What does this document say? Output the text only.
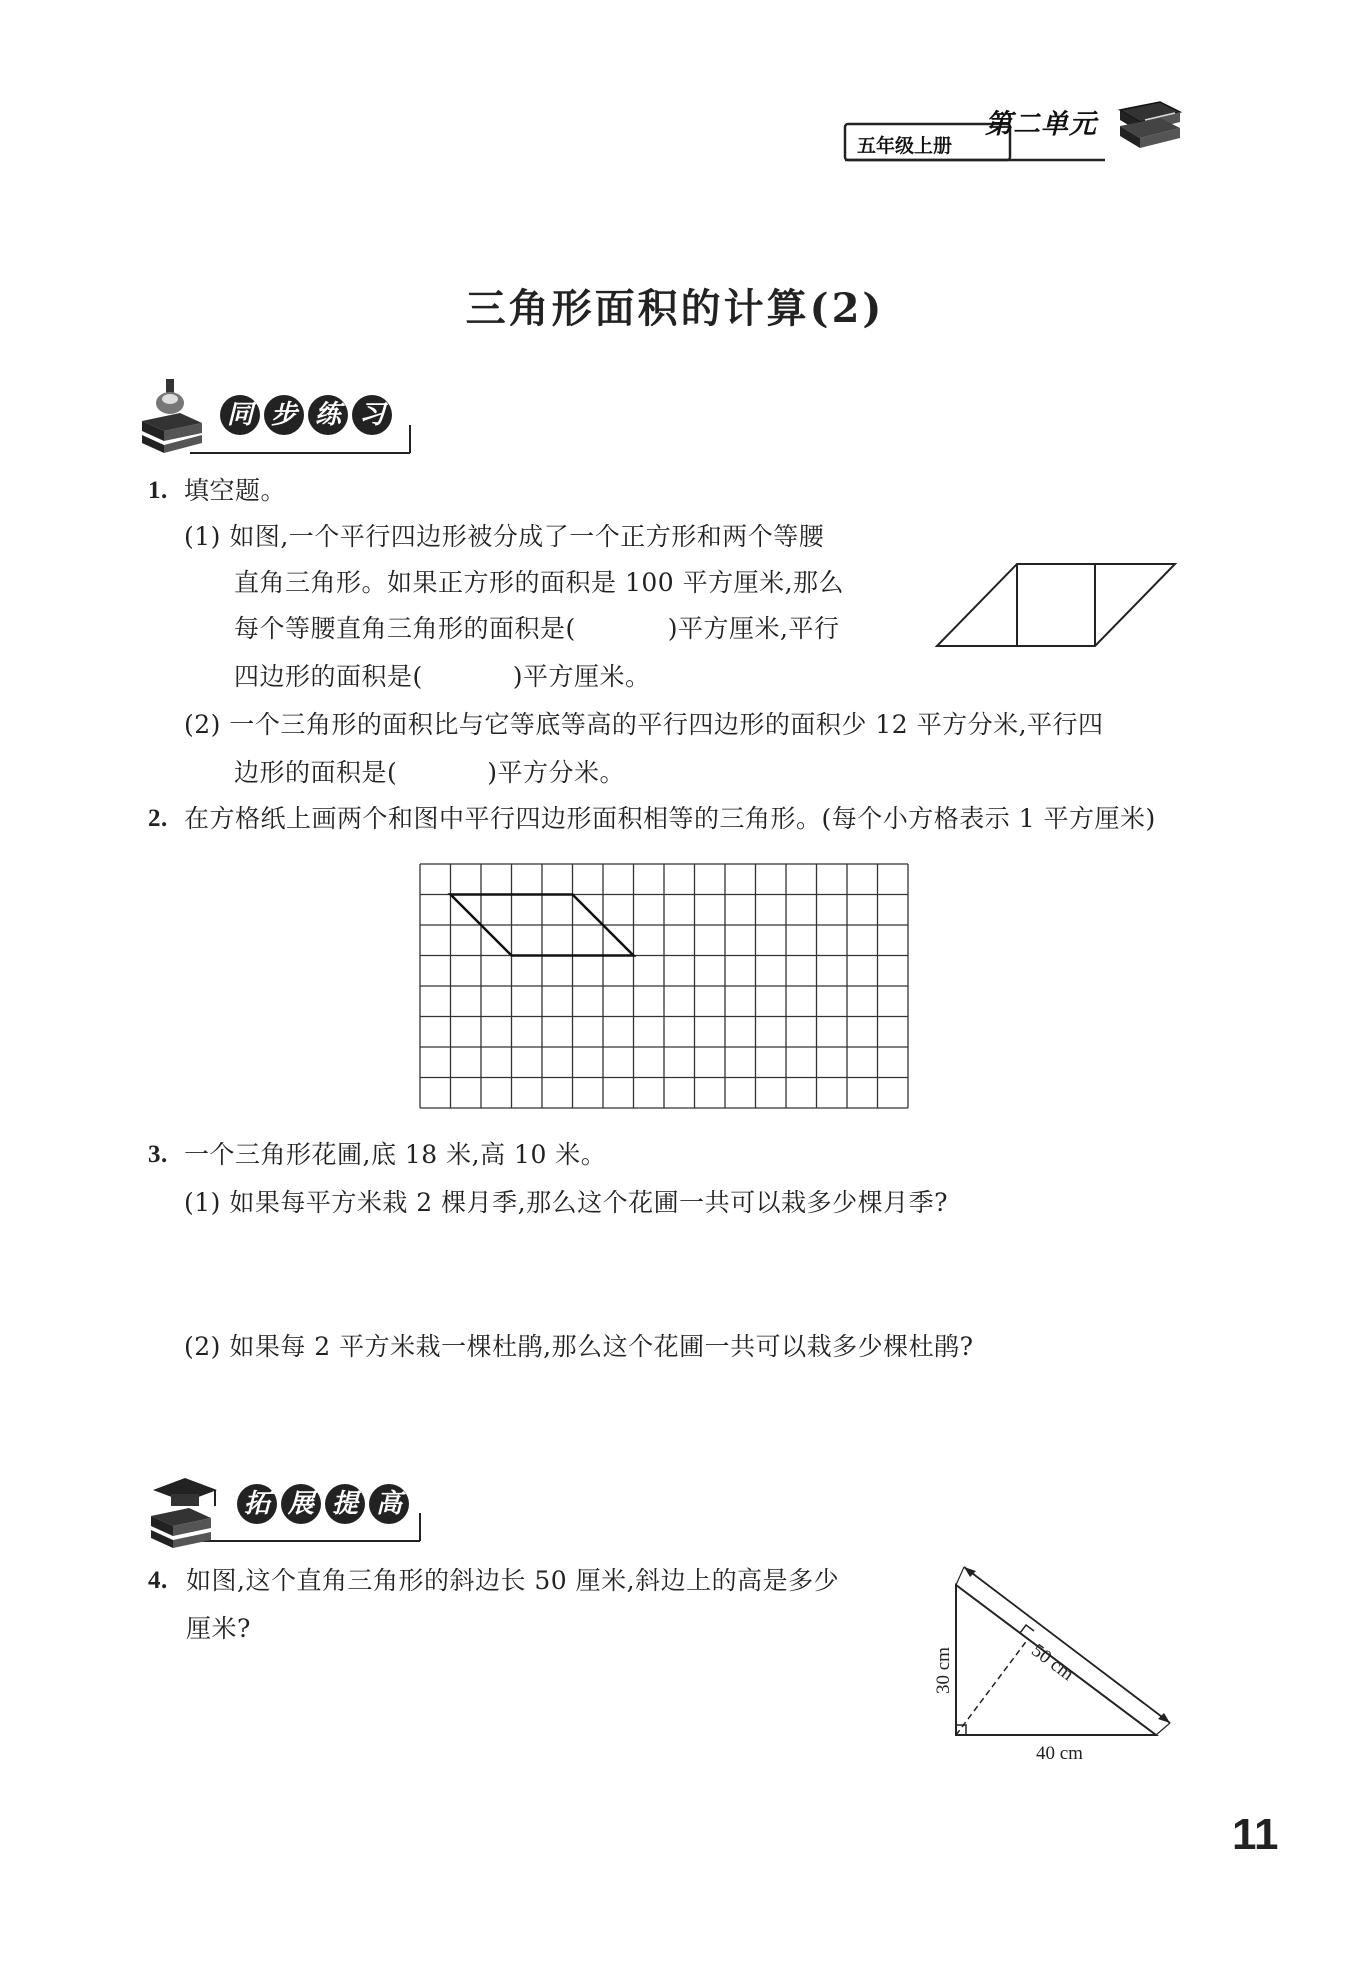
五年级上册
第二单元
三角形面积的计算(2)
同 步 练 习
1. 填空题。
(1) 如图,一个平行四边形被分成了一个正方形和两个等腰
直角三角形。如果正方形的面积是 100 平方厘米,那么
每个等腰直角三角形的面积是(	)平方厘米,平行
四边形的面积是(	)平方厘米。
(2) 一个三角形的面积比与它等底等高的平行四边形的面积少 12 平方分米,平行四
边形的面积是(	)平方分米。
2. 在方格纸上画两个和图中平行四边形面积相等的三角形。(每个小方格表示 1 平方厘米)
3. 一个三角形花圃,底 18 米,高 10 米。
(1) 如果每平方米栽 2 棵月季,那么这个花圃一共可以栽多少棵月季?
(2) 如果每 2 平方米栽一棵杜鹃,那么这个花圃一共可以栽多少棵杜鹃?
拓 展 提 高
4. 如图,这个直角三角形的斜边长 50 厘米,斜边上的高是多少
厘米?
50 cm
30 cm
40 cm
11
